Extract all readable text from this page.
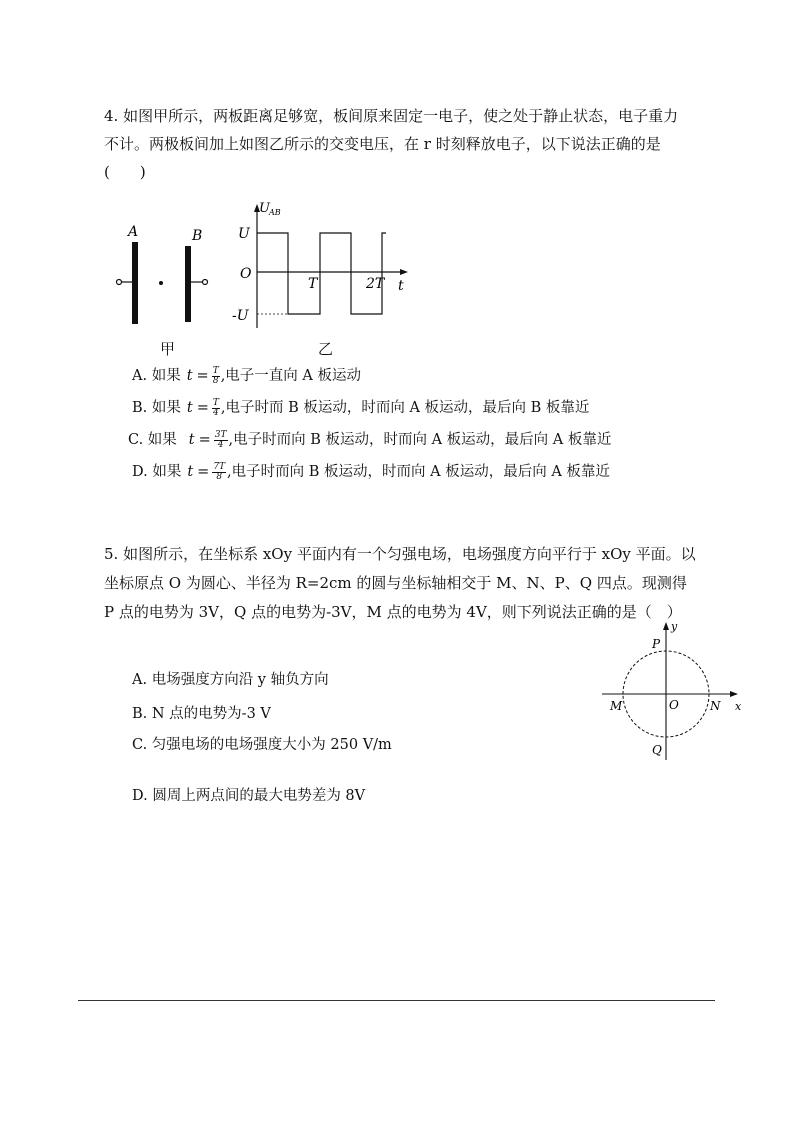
4. 如图甲所示，两板距离足够宽，板间原来固定一电子，使之处于静止状态，电子重力不计。两极板间加上如图乙所示的交变电压，在 r 时刻释放电子，以下说法正确的是(　　)

A	B
甲
U AB
U
O
-U
T	2T t
乙
A. 如果 $t = \frac{T}{8}$ ,电子一直向 A 板运动
B. 如果 $t = \frac{T}{4}$ ,电子时而 B 板运动，时而向 A 板运动，最后向 B 板靠近
C. 如果 $t = \frac{3T}{4}$ ,电子时而向 B 板运动，时而向 A 板运动，最后向 A 板靠近
D. 如果 $t = \frac{7T}{8}$ ,电子时而向 B 板运动，时而向 A 板运动，最后向 A 板靠近

5. 如图所示，在坐标系 xOy 平面内有一个匀强电场，电场强度方向平行于 xOy 平面。以坐标原点 O 为圆心、半径为 R=2cm 的圆与坐标轴相交于 M、N、P、Q 四点。现测得 P 点的电势为 3V，Q 点的电势为-3V，M 点的电势为 4V，则下列说法正确的是（　）

A. 电场强度方向沿 y 轴负方向
B. N 点的电势为-3 V
C. 匀强电场的电场强度大小为 250 V/m
D. 圆周上两点间的最大电势差为 8V
y
x
P
Q
M	N
O
